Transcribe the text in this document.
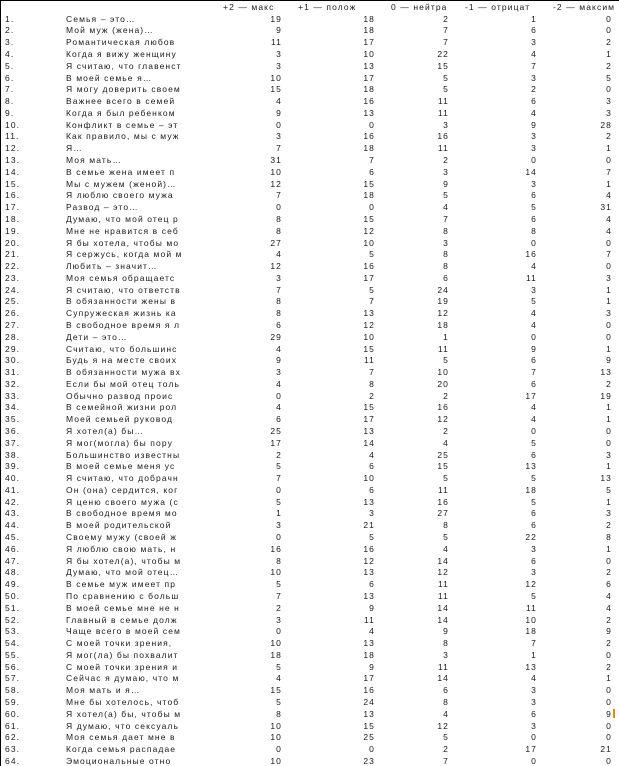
+2 — макс	+1 — полож	0 — нейтра	-1 — отрицат	-2 — максим
1.	Семья – это…	19	18	2	1	0
2.	Мой муж (жена)…	9	18	7	6	0
3.	Романтическая любов	11	17	7	3	2
4.	Когда я вижу женщину	3	10	22	4	1
5.	Я считаю, что главенст	3	13	15	7	2
6.	В моей семье я…	10	17	5	3	5
7.	Я могу доверить своем	15	18	5	2	0
8.	Важнее всего в семей	4	16	11	6	3
9.	Когда я был ребенком	9	13	11	4	3
10.	Конфликт в семье – эт	0	0	3	9	28
11.	Как правило, мы с муж	3	16	16	3	2
12.	Я…	7	18	11	3	1
13.	Моя мать…	31	7	2	0	0
14.	В семье жена имеет п	10	6	3	14	7
15.	Мы с мужем (женой)…	12	15	9	3	1
16.	Я люблю своего мужа	7	18	5	6	4
17.	Развод – это…	0	0	4	5	31
18.	Думаю, что мой отец р	8	15	7	6	4
19.	Мне не нравится в себ	8	12	8	8	4
20.	Я бы хотела, чтобы мо	27	10	3	0	0
21.	Я сержусь, когда мой м	4	5	8	16	7
22.	Любить – значит…	12	16	8	4	0
23.	Моя семья обращаетс	3	17	6	11	3
24.	Я считаю, что ответств	7	5	24	3	1
25.	В обязанности жены в	8	7	19	5	1
26.	Супружеская жизнь ка	8	13	12	4	3
27.	В свободное время я л	6	12	18	4	0
28.	Дети – это…	29	10	1	0	0
29.	Считаю, что большинс	4	15	11	9	1
30.	Будь я на месте своих	9	11	5	6	9
31.	В обязанности мужа вх	3	7	10	7	13
32.	Если бы мой отец толь	4	8	20	6	2
33.	Обычно развод проис	0	2	2	17	19
34.	В семейной жизни рол	4	15	16	4	1
35.	Моей семьей руковод	6	17	12	4	1
36.	Я хотел(а) бы…	25	13	2	0	0
37.	Я мог(могла) бы пору	17	14	4	5	0
38.	Большинство известны	2	4	25	6	3
39.	В моей семье меня ус	5	6	15	13	1
40.	Я считаю, что добрачн	7	10	5	5	13
41.	Он (она) сердится, ког	0	6	11	18	5
42.	Я ценю своего мужа (с	5	13	16	5	1
43.	В свободное время мо	1	3	27	6	3
44.	В моей родительской	3	21	8	6	2
45.	Своему мужу (своей ж	0	5	5	22	8
46.	Я люблю свою мать, н	16	16	4	3	1
47.	Я бы хотел(а), чтобы м	8	12	14	6	0
48.	Думаю, что мой отец…	10	13	12	3	2
49.	В семье муж имеет пр	5	6	11	12	6
50.	По сравнению с больш	7	13	11	5	4
51.	В моей семье мне не н	2	9	14	11	4
52.	Главный в семье долж	3	11	14	10	2
53.	Чаще всего в моей сем	0	4	9	18	9
54.	С моей точки зрения,	10	13	8	7	2
55.	Я мог(ла) бы похвалит	18	18	3	1	0
56.	С моей точки зрения и	5	9	11	13	2
57.	Сейчас я думаю, что м	4	17	14	4	1
58.	Моя мать и я…	15	16	6	3	0
59.	Мне бы хотелось, чтоб	5	24	8	3	0
60.	Я хотел(а) бы, чтобы м	8	13	4	6	9
61.	Я думаю, что сексуаль	10	15	12	3	0
62.	Моя семья дает мне в	10	25	5	0	0
63.	Когда семья распадае	0	0	2	17	21
64.	Эмоциональные отно	10	23	7	0	0
